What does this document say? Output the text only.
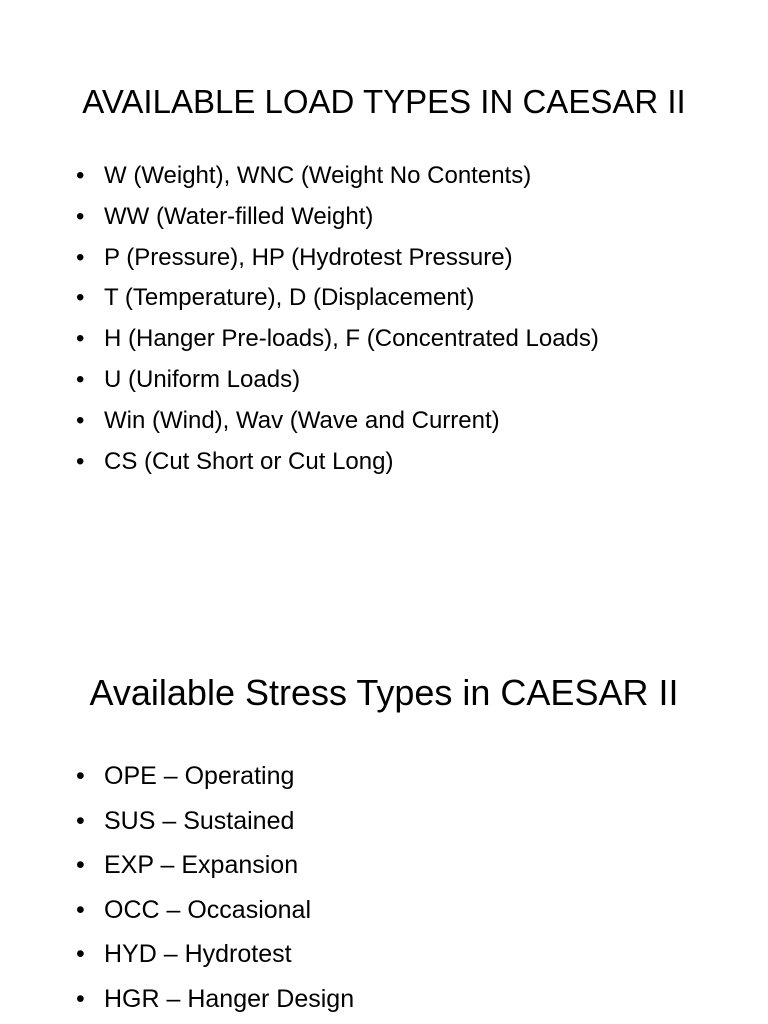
AVAILABLE LOAD TYPES IN CAESAR II
• W (Weight), WNC (Weight No Contents)
• WW (Water-filled Weight)
• P (Pressure), HP (Hydrotest Pressure)
• T (Temperature), D (Displacement)
• H (Hanger Pre-loads), F (Concentrated Loads)
• U (Uniform Loads)
• Win (Wind), Wav (Wave and Current)
• CS (Cut Short or Cut Long)
Available Stress Types in CAESAR II
• OPE – Operating
• SUS – Sustained
• EXP – Expansion
• OCC – Occasional
• HYD – Hydrotest
• HGR – Hanger Design
